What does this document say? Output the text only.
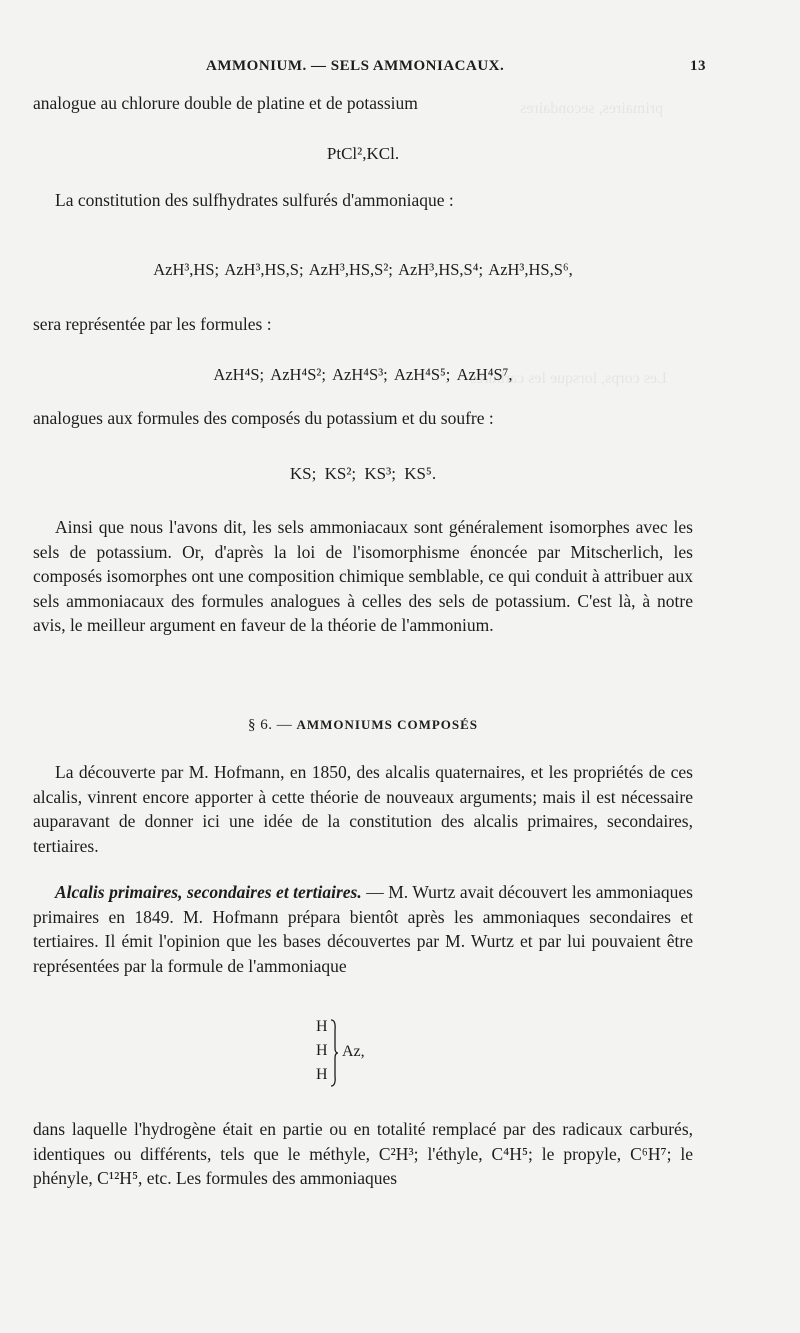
primaires, secondaires
Les corps, lorsque les carbures
AMMONIUM. — SELS AMMONIACAUX.	13
analogue au chlorure double de platine et de potassium
PtCl²,KCl.
La constitution des sulfhydrates sulfurés d'ammoniaque :
AzH³,HS; AzH³,HS,S; AzH³,HS,S²; AzH³,HS,S⁴; AzH³,HS,S⁶,
sera représentée par les formules :
AzH⁴S; AzH⁴S²; AzH⁴S³; AzH⁴S⁵; AzH⁴S⁷,
analogues aux formules des composés du potassium et du soufre :
KS; KS²; KS³; KS⁵.
Ainsi que nous l'avons dit, les sels ammoniacaux sont généralement isomorphes avec les sels de potassium. Or, d'après la loi de l'isomorphisme énoncée par Mitscherlich, les composés isomorphes ont une composition chimique semblable, ce qui conduit à attribuer aux sels ammoniacaux des formules analogues à celles des sels de potassium. C'est là, à notre avis, le meilleur argument en faveur de la théorie de l'ammonium.
§ 6. — AMMONIUMS COMPOSÉS
La découverte par M. Hofmann, en 1850, des alcalis quaternaires, et les propriétés de ces alcalis, vinrent encore apporter à cette théorie de nouveaux arguments; mais il est nécessaire auparavant de donner ici une idée de la constitution des alcalis primaires, secondaires, tertiaires.
Alcalis primaires, secondaires et tertiaires. — M. Wurtz avait découvert les ammoniaques primaires en 1849. M. Hofmann prépara bientôt après les ammoniaques secondaires et tertiaires. Il émit l'opinion que les bases découvertes par M. Wurtz et par lui pouvaient être représentées par la formule de l'ammoniaque
H
H
H
Az,
dans laquelle l'hydrogène était en partie ou en totalité remplacé par des radicaux carburés, identiques ou différents, tels que le méthyle, C²H³; l'éthyle, C⁴H⁵; le propyle, C⁶H⁷; le phényle, C¹²H⁵, etc. Les formules des ammoniaques
